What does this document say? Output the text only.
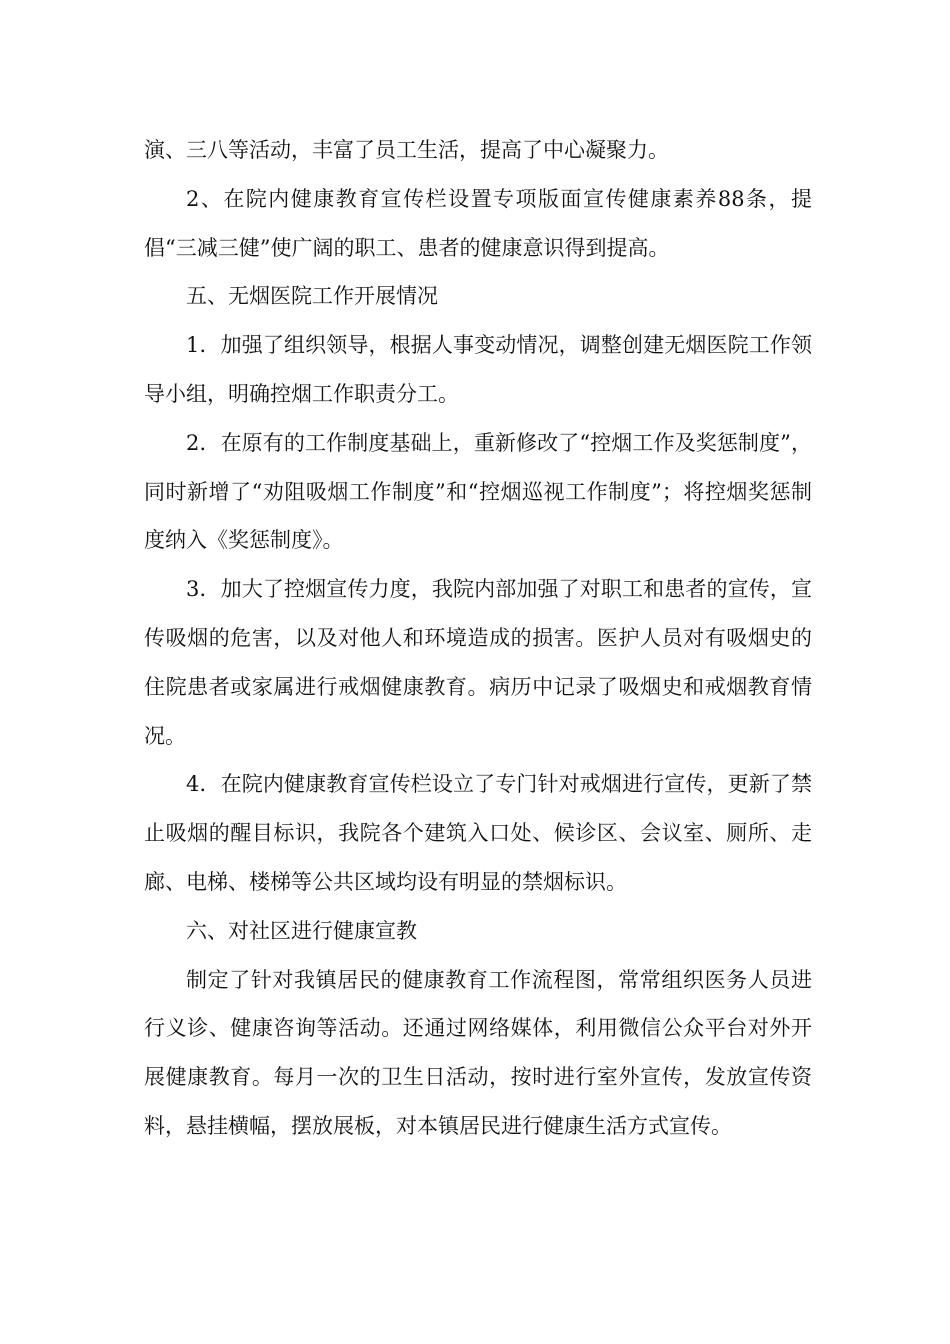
演、三八等活动，丰富了员工生活，提高了中心凝聚力。

2、在院内健康教育宣传栏设置专项版面宣传健康素养88条，提倡“三减三健”使广阔的职工、患者的健康意识得到提高。

五、无烟医院工作开展情况

1．加强了组织领导，根据人事变动情况，调整创建无烟医院工作领导小组，明确控烟工作职责分工。

2．在原有的工作制度基础上，重新修改了“控烟工作及奖惩制度”，同时新增了“劝阻吸烟工作制度”和“控烟巡视工作制度”；将控烟奖惩制度纳入《奖惩制度》。

3．加大了控烟宣传力度，我院内部加强了对职工和患者的宣传，宣传吸烟的危害，以及对他人和环境造成的损害。医护人员对有吸烟史的住院患者或家属进行戒烟健康教育。病历中记录了吸烟史和戒烟教育情况。

4．在院内健康教育宣传栏设立了专门针对戒烟进行宣传，更新了禁止吸烟的醒目标识，我院各个建筑入口处、候诊区、会议室、厕所、走廊、电梯、楼梯等公共区域均设有明显的禁烟标识。

六、对社区进行健康宣教

制定了针对我镇居民的健康教育工作流程图，常常组织医务人员进行义诊、健康咨询等活动。还通过网络媒体，利用微信公众平台对外开展健康教育。每月一次的卫生日活动，按时进行室外宣传，发放宣传资料，悬挂横幅，摆放展板，对本镇居民进行健康生活方式宣传。
